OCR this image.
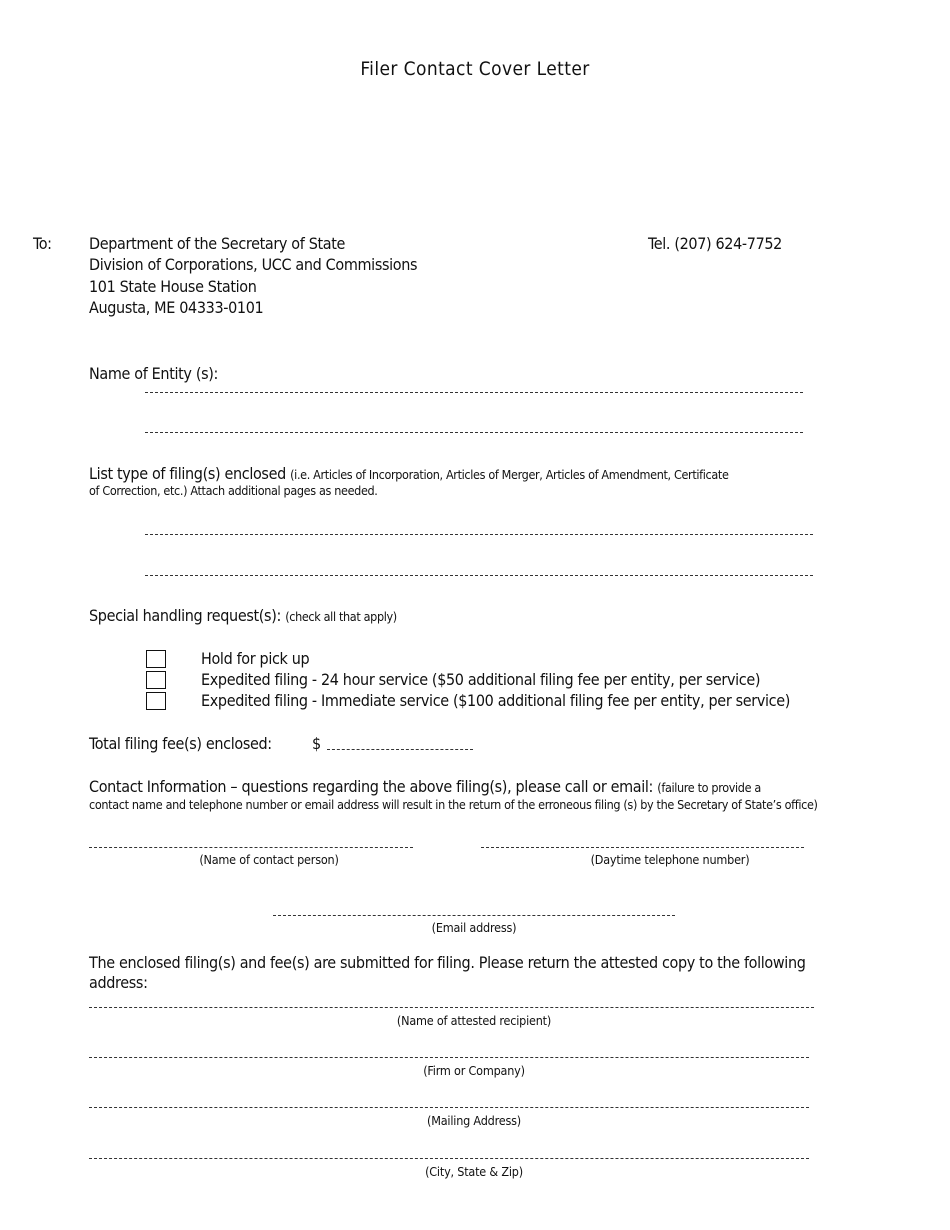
Filer Contact Cover Letter
To: Department of the Secretary of State
Division of Corporations, UCC and Commissions
101 State House Station
Augusta, ME 04333-0101
Tel. (207) 624-7752
Name of Entity (s):
List type of filing(s) enclosed (i.e. Articles of Incorporation, Articles of Merger, Articles of Amendment, Certificate
of Correction, etc.) Attach additional pages as needed.
Special handling request(s): (check all that apply)
Hold for pick up
Expedited filing - 24 hour service ($50 additional filing fee per entity, per service)
Expedited filing - Immediate service ($100 additional filing fee per entity, per service)
Total filing fee(s) enclosed:	$
Contact Information – questions regarding the above filing(s), please call or email: (failure to provide a
contact name and telephone number or email address will result in the return of the erroneous filing (s) by the Secretary of State’s office)
(Name of contact person)	(Daytime telephone number)
(Email address)
The enclosed filing(s) and fee(s) are submitted for filing. Please return the attested copy to the following
address:
(Name of attested recipient)
(Firm or Company)
(Mailing Address)
(City, State & Zip)
